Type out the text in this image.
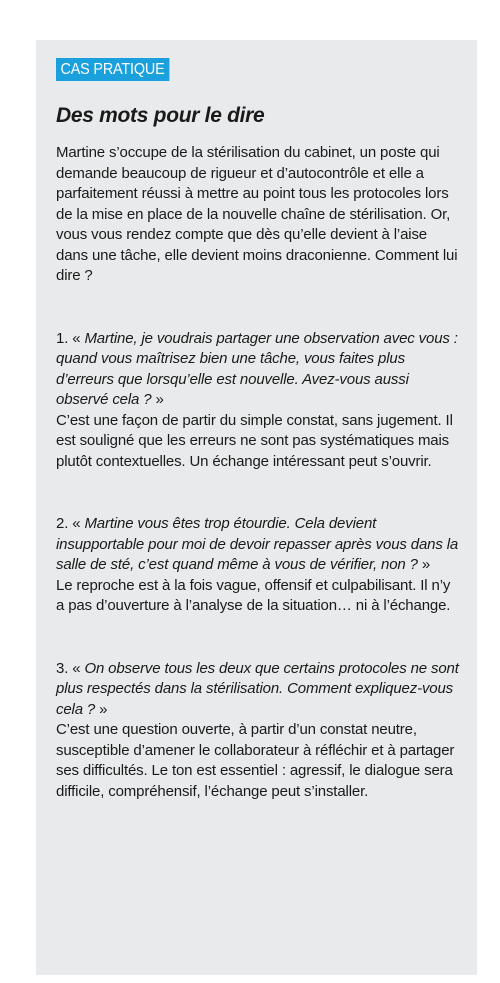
CAS PRATIQUE
Des mots pour le dire

Martine s’occupe de la stérilisation du cabinet, un poste qui demande beaucoup de rigueur et d’autocontrôle et elle a parfaitement réussi à mettre au point tous les protocoles lors de la mise en place de la nouvelle chaîne de stérilisation. Or, vous vous rendez compte que dès qu’elle devient à l’aise dans une tâche, elle devient moins draconienne. Comment lui dire ?

1. « Martine, je voudrais partager une observation avec vous : quand vous maîtrisez bien une tâche, vous faites plus d’erreurs que lorsqu’elle est nouvelle. Avez-vous aussi observé cela ? »

C’est une façon de partir du simple constat, sans jugement. Il est souligné que les erreurs ne sont pas systématiques mais plutôt contextuelles. Un échange intéressant peut s’ouvrir.

2. « Martine vous êtes trop étourdie. Cela devient insupportable pour moi de devoir repasser après vous dans la salle de sté, c’est quand même à vous de vérifier, non ? »

Le reproche est à la fois vague, offensif et culpabilisant. Il n’y a pas d’ouverture à l’analyse de la situation… ni à l’échange.

3. « On observe tous les deux que certains protocoles ne sont plus respectés dans la stérilisation. Comment expliquez-vous cela ? »

C’est une question ouverte, à partir d’un constat neutre, susceptible d’amener le collaborateur à réfléchir et à partager ses difficultés. Le ton est essentiel : agressif, le dialogue sera difficile, compréhensif, l’échange peut s’installer.
